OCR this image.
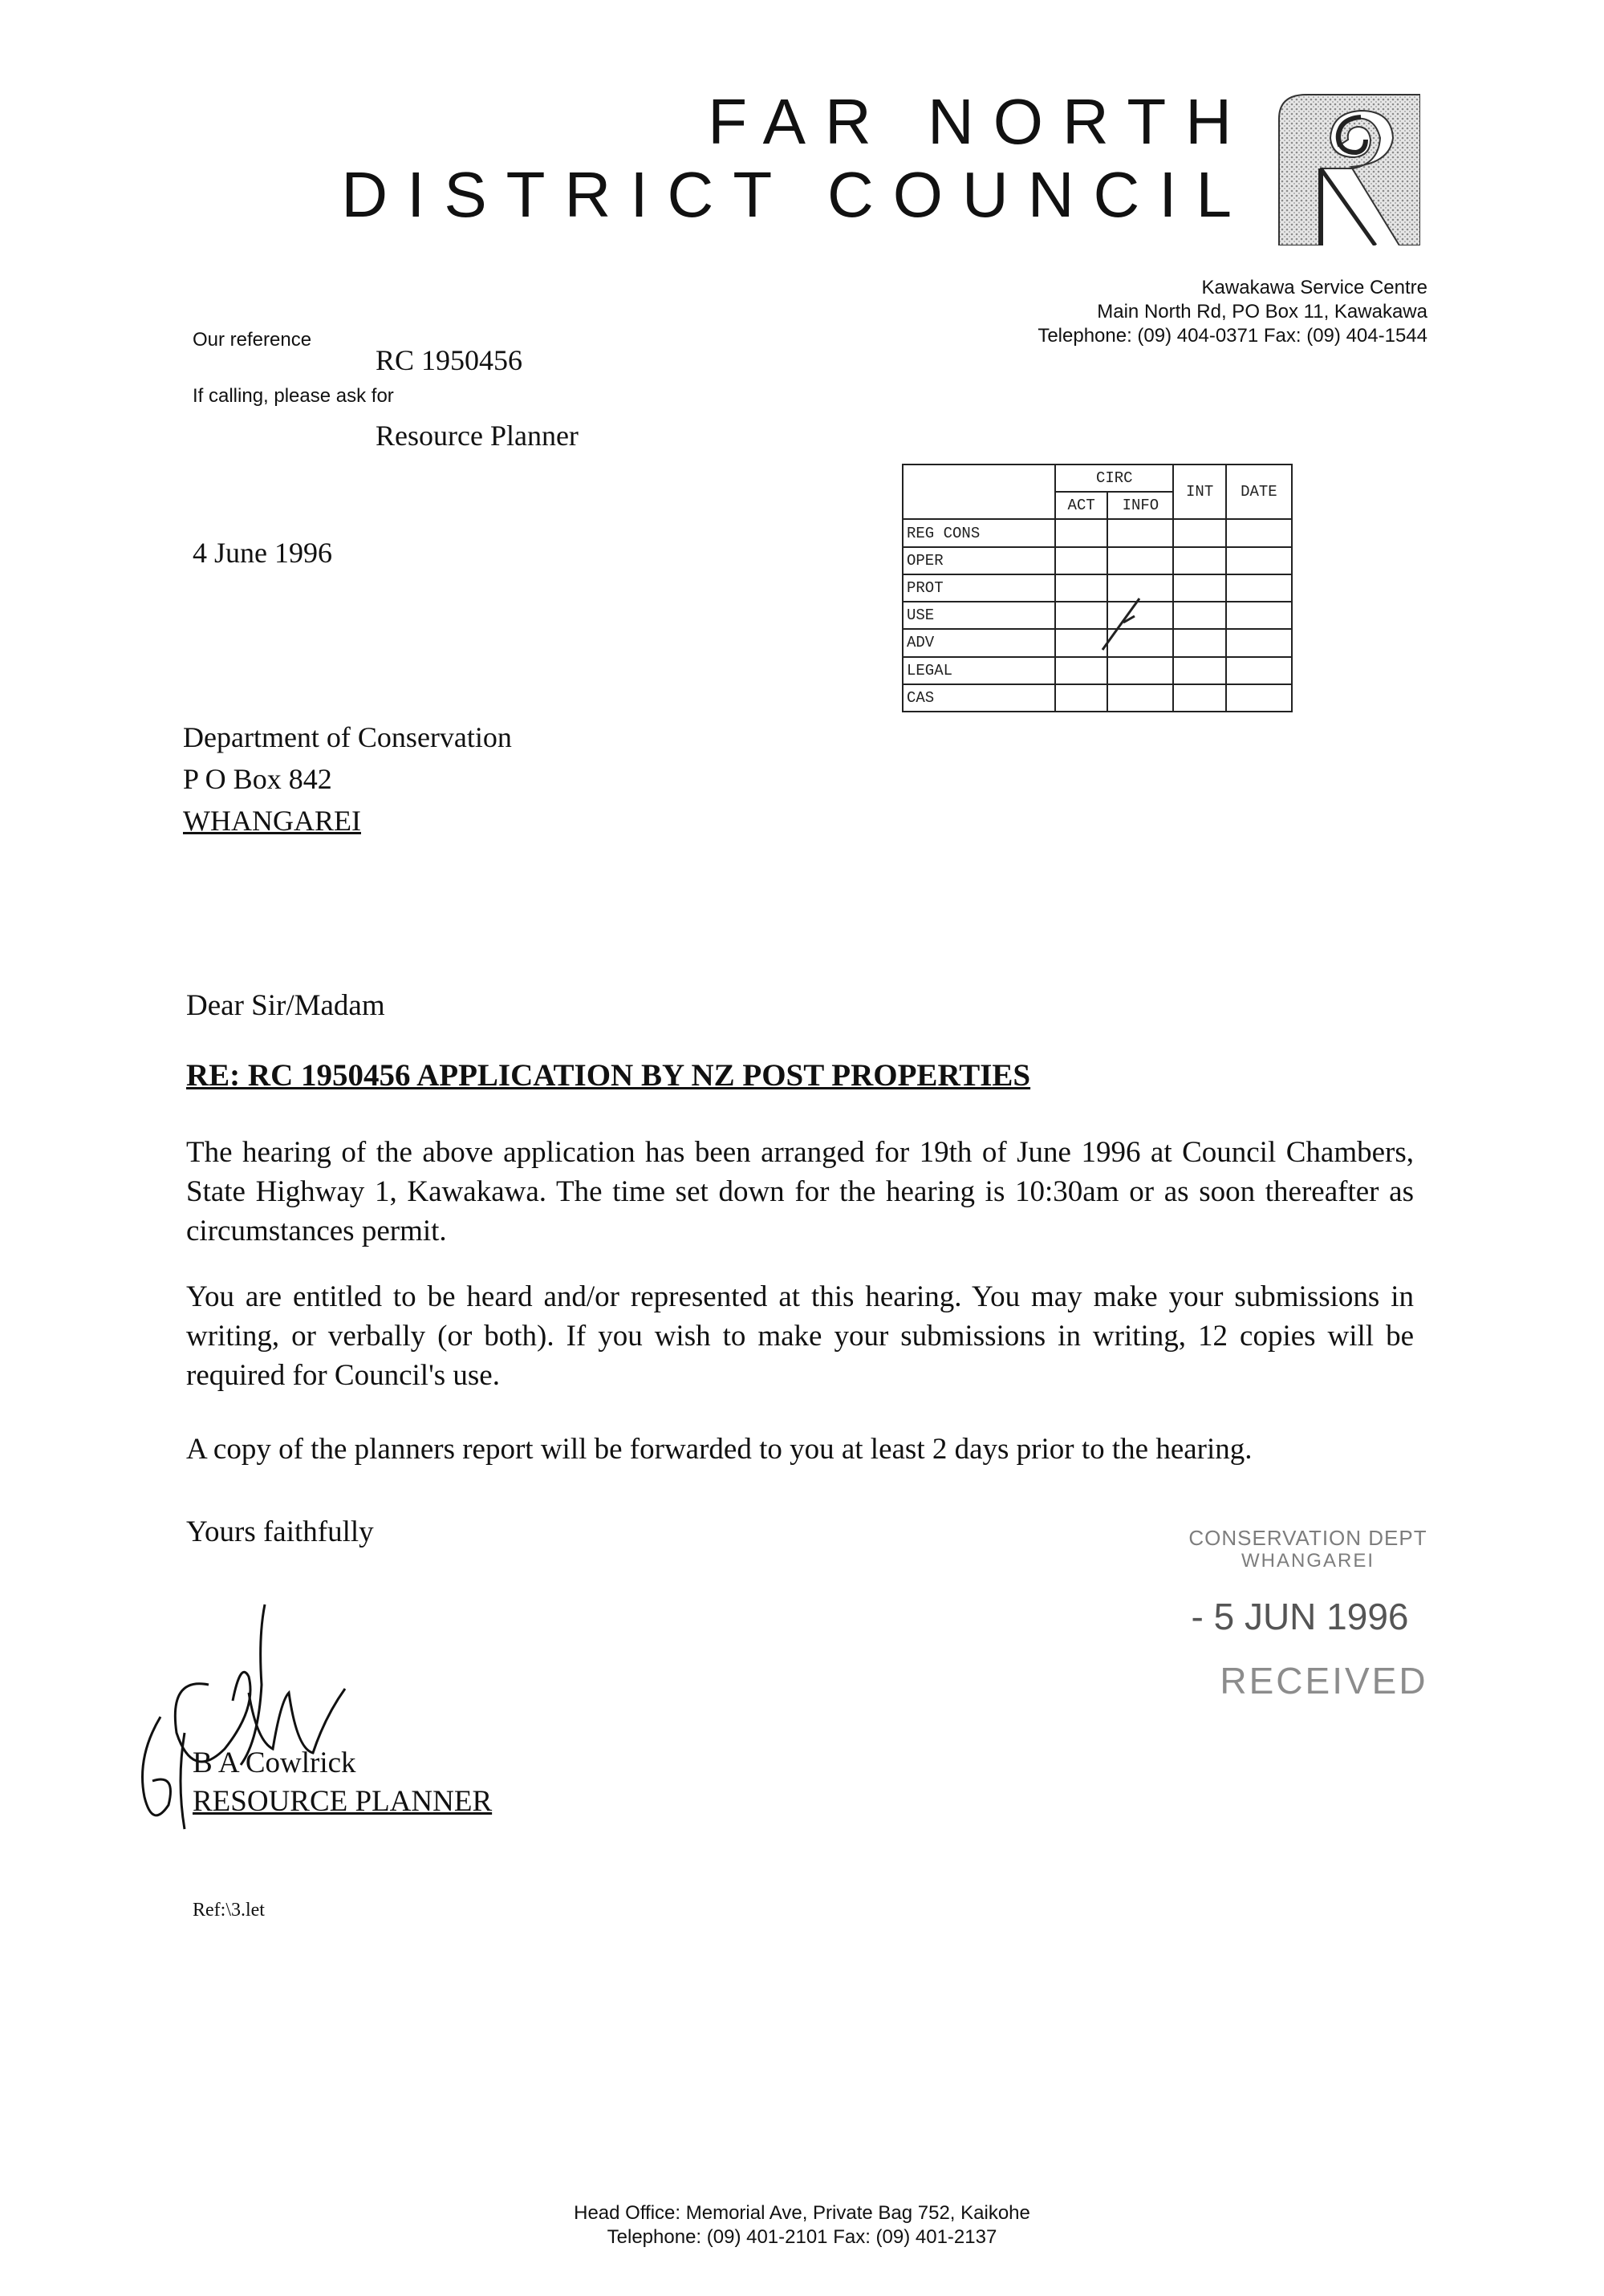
FAR NORTH
DISTRICT COUNCIL
Kawakawa Service Centre
Main North Rd, PO Box 11, Kawakawa
Telephone: (09) 404-0371 Fax: (09) 404-1544
Our reference
RC 1950456
If calling, please ask for
Resource Planner
4 June 1996
	CIRC		INT	DATE
	ACT	INFO		
REG CONS				
OPER				
PROT				
USE				
ADV				
LEGAL				
CAS				
Department of Conservation
P O Box 842
WHANGAREI
Dear Sir/Madam
RE: RC 1950456 APPLICATION BY NZ POST PROPERTIES
The hearing of the above application has been arranged for 19th of June 1996 at Council Chambers, State Highway 1, Kawakawa. The time set down for the hearing is 10:30am or as soon thereafter as circumstances permit.
You are entitled to be heard and/or represented at this hearing. You may make your submissions in writing, or verbally (or both). If you wish to make your submissions in writing, 12 copies will be required for Council's use.
A copy of the planners report will be forwarded to you at least 2 days prior to the hearing.
Yours faithfully	CONSERVATION DEPT
WHANGAREI
- 5 JUN 1996
RECEIVED
B A Cowlrick
RESOURCE PLANNER
Ref:\3.let
Head Office: Memorial Ave, Private Bag 752, Kaikohe
Telephone: (09) 401-2101 Fax: (09) 401-2137
